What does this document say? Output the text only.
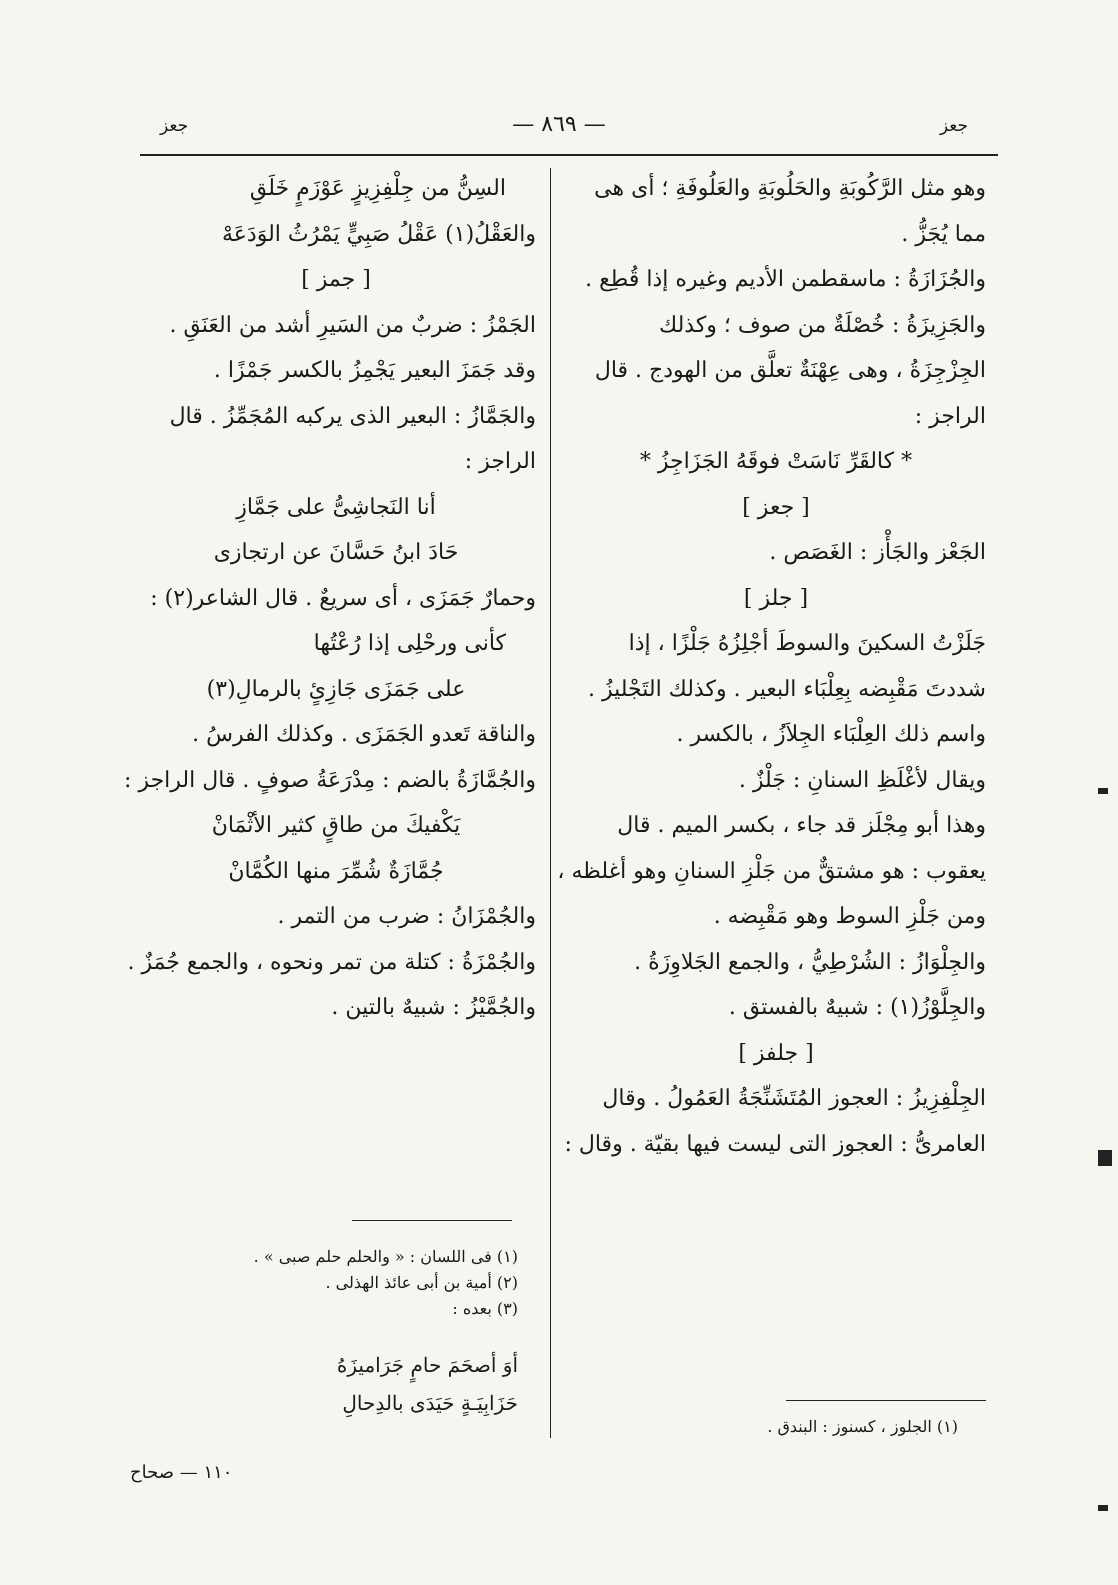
جعز	— ٨٦٩ —	جعز
وهو مثل الرَّكُوبَةِ والحَلُوبَةِ والعَلُوفَةِ ؛ أى هى
مما يُجَزُّ .
والجُزَازَةُ : ماسقطمن الأديم وغيره إذا قُطِع .
والجَزِيزَةُ : خُصْلَةٌ من صوف ؛ وكذلك
الجِزْجِزَةُ ، وهى عِهْنَةٌ تعلَّق من الهودج . قال
الراجز :
* كالقَرِّ نَاسَتْ فوقَهُ الجَزَاجِزُ *
[ جعز ]
الجَعْز والجَأْز : الغَصَص .
[ جلز ]
جَلَزْتُ السكينَ والسوطَ أجْلِزُهُ جَلْزًا ، إذا
شددتَ مَقْبِضه بِعِلْبَاء البعير . وكذلك التَجْليزُ .
واسم ذلك العِلْبَاء الجِلاَزُ ، بالكسر .
ويقال لأغْلَظِ السنانِ : جَلْزٌ .
وهذا أبو مِجْلَز قد جاء ، بكسر الميم . قال
يعقوب : هو مشتقٌّ من جَلْزِ السنانِ وهو أغلظه ،
ومن جَلْزِ السوط وهو مَقْبِضه .
والجِلْوَازُ : الشُرْطِيُّ ، والجمع الجَلاوِزَةُ .
والجِلَّوْزُ(١) : شبيهٌ بالفستق .
[ جلفز ]
الجِلْفِزِيزُ : العجوز المُتَشَنِّجَةُ العَمُولُ . وقال
العامرىُّ : العجوز التى ليست فيها بقيّة . وقال :
السِنُّ من جِلْفِزِيزٍ عَوْزَمٍ خَلَقِ
والعَقْلُ(١) عَقْلُ صَبِيٍّ يَمْرُثُ الوَدَعَهْ
[ جمز ]
الجَمْزُ : ضربٌ من السَيرِ أشد من العَنَقِ .
وقد جَمَزَ البعير يَجْمِزُ بالكسر جَمْزًا .
والجَمَّازُ : البعير الذى يركبه المُجَمِّزُ . قال
الراجز :
أنا النَجاشِىُّ على جَمَّازِ
حَادَ ابنُ حَسَّانَ عن ارتجازى
وحمارٌ جَمَزَى ، أى سريعٌ . قال الشاعر(٢) :
كأنى ورحْلِى إذا رُعْتُها
على جَمَزَى جَازِئٍ بالرمالِ(٣)
والناقة تَعدو الجَمَزَى . وكذلك الفرسُ .
والجُمَّازَةُ بالضم : مِدْرَعَةُ صوفٍ . قال الراجز :
يَكْفيكَ من طاقٍ كثير الأثْمَانْ
جُمَّازَةٌ شُمِّرَ منها الكُمَّانْ
والجُمْزَانُ : ضرب من التمر .
والجُمْزَةُ : كتلة من تمر ونحوه ، والجمع جُمَزٌ .
والجُمَّيْزُ : شبيهٌ بالتين .
(١) الجلوز ، كسنوز : البندق .
(١) فى اللسان : « والحلم حلم صبى » .
(٢) أمية بن أبى عائذ الهذلى .
(٣) بعده :
أوَ أصحَمَ حامٍ جَرَاميزَهُ
حَزَابِيَـةٍ حَيَدَى بالدِحالِ
١١٠ — صحاح
